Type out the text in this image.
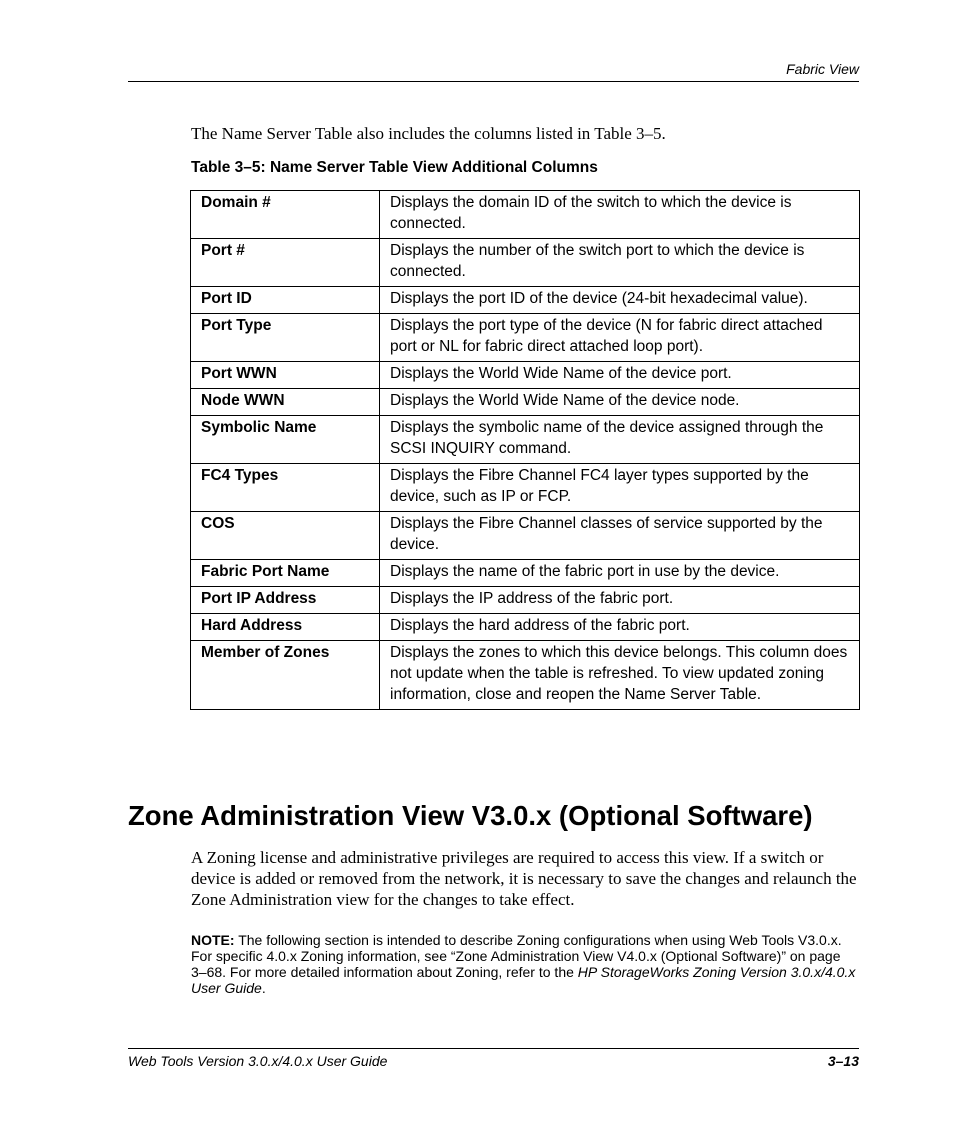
Fabric View
The Name Server Table also includes the columns listed in Table 3–5.
Table 3–5: Name Server Table View Additional Columns
Domain #	Displays the domain ID of the switch to which the device is connected.
Port #	Displays the number of the switch port to which the device is connected.
Port ID	Displays the port ID of the device (24-bit hexadecimal value).
Port Type	Displays the port type of the device (N for fabric direct attached port or NL for fabric direct attached loop port).
Port WWN	Displays the World Wide Name of the device port.
Node WWN	Displays the World Wide Name of the device node.
Symbolic Name	Displays the symbolic name of the device assigned through the SCSI INQUIRY command.
FC4 Types	Displays the Fibre Channel FC4 layer types supported by the device, such as IP or FCP.
COS	Displays the Fibre Channel classes of service supported by the device.
Fabric Port Name	Displays the name of the fabric port in use by the device.
Port IP Address	Displays the IP address of the fabric port.
Hard Address	Displays the hard address of the fabric port.
Member of Zones	Displays the zones to which this device belongs. This column does not update when the table is refreshed. To view updated zoning information, close and reopen the Name Server Table.
Zone Administration View V3.0.x (Optional Software)
A Zoning license and administrative privileges are required to access this view. If a switch or device is added or removed from the network, it is necessary to save the changes and relaunch the Zone Administration view for the changes to take effect.
NOTE: The following section is intended to describe Zoning configurations when using Web Tools V3.0.x. For specific 4.0.x Zoning information, see “Zone Administration View V4.0.x (Optional Software)” on page 3–68. For more detailed information about Zoning, refer to the HP StorageWorks Zoning Version 3.0.x/4.0.x User Guide.
Web Tools Version 3.0.x/4.0.x User Guide	3–13
